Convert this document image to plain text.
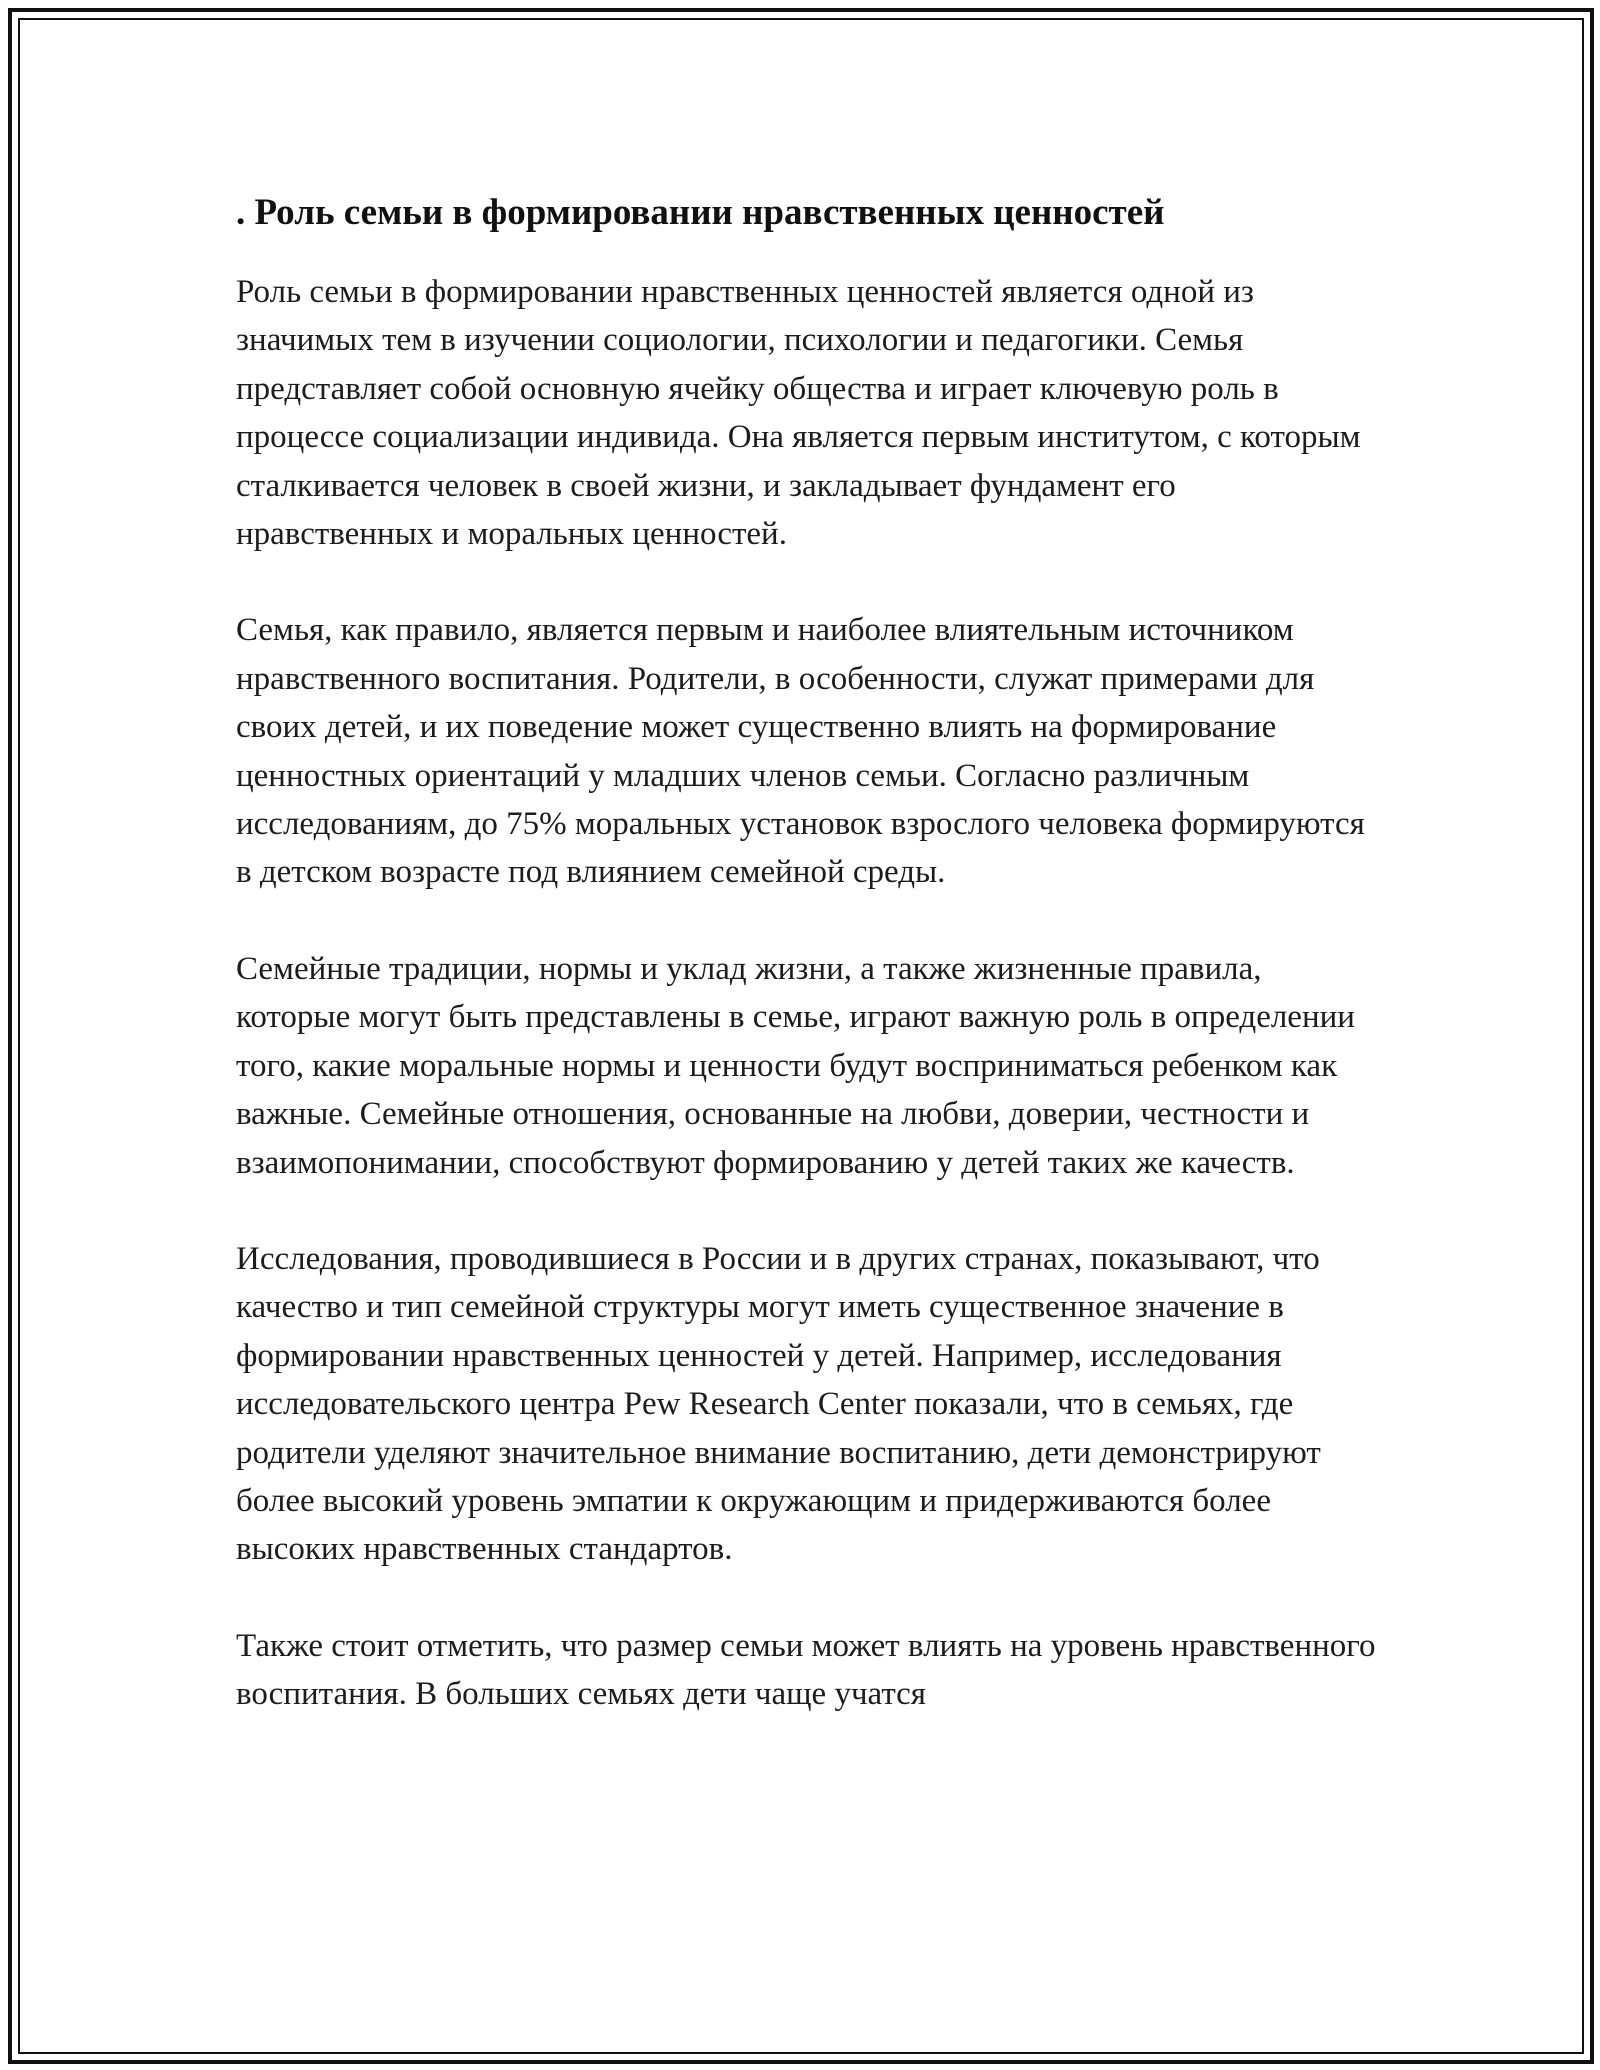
. Роль семьи в формировании нравственных ценностей

Роль семьи в формировании нравственных ценностей является одной из значимых тем в изучении социологии, психологии и педагогики. Семья представляет собой основную ячейку общества и играет ключевую роль в процессе социализации индивида. Она является первым институтом, с которым сталкивается человек в своей жизни, и закладывает фундамент его нравственных и моральных ценностей.

Семья, как правило, является первым и наиболее влиятельным источником нравственного воспитания. Родители, в особенности, служат примерами для своих детей, и их поведение может существенно влиять на формирование ценностных ориентаций у младших членов семьи. Согласно различным исследованиям, до 75% моральных установок взрослого человека формируются в детском возрасте под влиянием семейной среды.

Семейные традиции, нормы и уклад жизни, а также жизненные правила, которые могут быть представлены в семье, играют важную роль в определении того, какие моральные нормы и ценности будут восприниматься ребенком как важные. Семейные отношения, основанные на любви, доверии, честности и взаимопонимании, способствуют формированию у детей таких же качеств.

Исследования, проводившиеся в России и в других странах, показывают, что качество и тип семейной структуры могут иметь существенное значение в формировании нравственных ценностей у детей. Например, исследования исследовательского центра Pew Research Center показали, что в семьях, где родители уделяют значительное внимание воспитанию, дети демонстрируют более высокий уровень эмпатии к окружающим и придерживаются более высоких нравственных стандартов.

Также стоит отметить, что размер семьи может влиять на уровень нравственного воспитания. В больших семьях дети чаще учатся
